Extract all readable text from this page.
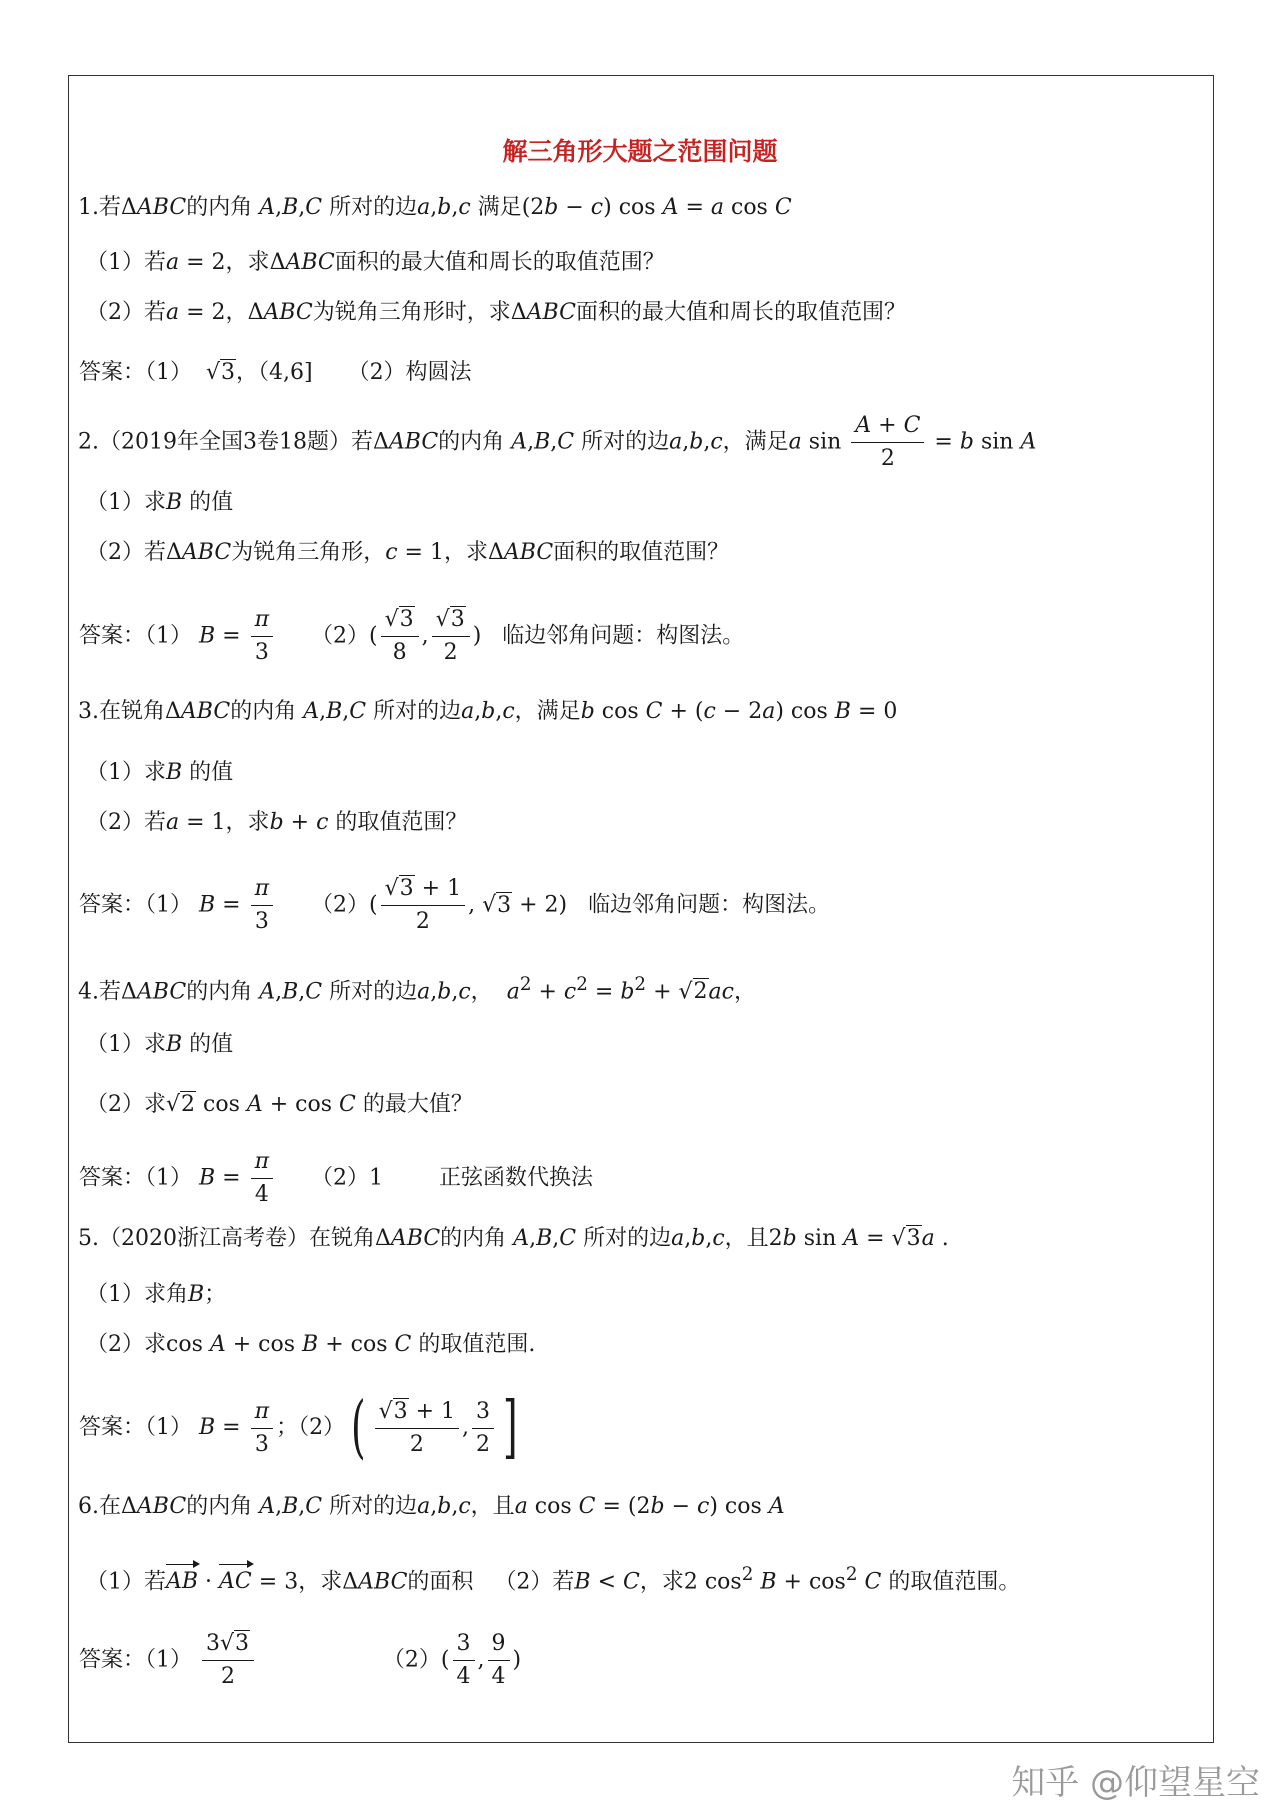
解三角形大题之范围问题
1.若ΔABC的内角 A,B,C 所对的边a,b,c 满足(2b − c) cos A = a cos C
（1）若a = 2，求ΔABC面积的最大值和周长的取值范围？
（2）若a = 2，ΔABC为锐角三角形时，求ΔABC面积的最大值和周长的取值范围？
答案：（1）  √3，（4,6] （2）构圆法
2.（2019年全国3卷18题）若ΔABC的内角 A,B,C 所对的边a,b,c，满足a $\sin \frac{A + C}{2} = b$ sin A
（1）求B 的值
（2）若ΔABC为锐角三角形，c = 1，求ΔABC面积的取值范围？
答案：（1） $B = \frac{\pi}{3} (2)( \frac{√3}{8}$ , $\frac{√3}{2}$ )   临边邻角问题：构图法。
3.在锐角ΔABC的内角 A,B,C 所对的边a,b,c，满足b cos C + (c − 2a) cos B = 0
（1）求B 的值
（2）若a = 1，求b + c 的取值范围？
答案：（1） $B = \frac{\pi}{3} (2)( \frac{√3 + 1}{2}$ , √3 + 2)   临边邻角问题：构图法。
4.若ΔABC的内角 A,B,C 所对的边a,b,c， $a^2 + c^2 = b^2 + √2ac$，
（1）求B 的值
（2）求√2 cos A + cos C 的最大值？
答案：（1） $B = \frac{\pi}{4} (2)1$	正弦函数代换法
5.（2020浙江高考卷）在锐角ΔABC的内角 A,B,C 所对的边a,b,c，且2b sin A = √3a .
（1）求角B；
（2）求cos A + cos B + cos C 的取值范围.
答案：（1） $B = \frac{\pi}{3}$ ；$(2)( \frac{√3 + 1}{2}$ , $\frac{3}{2}$ ]
6.在ΔABC的内角 A,B,C 所对的边a,b,c，且a cos C = (2b − c) cos A
（1）若AB · AC = 3，求ΔABC的面积 （2）若B < C，求2 $\cos^2 B + \cos^2 C$ 的取值范围。
答案：$(1) \frac{3√3}{2}$	$(2)( \frac{3}{4}$ , $\frac{9}{4}$ )
知乎 @仰望星空
